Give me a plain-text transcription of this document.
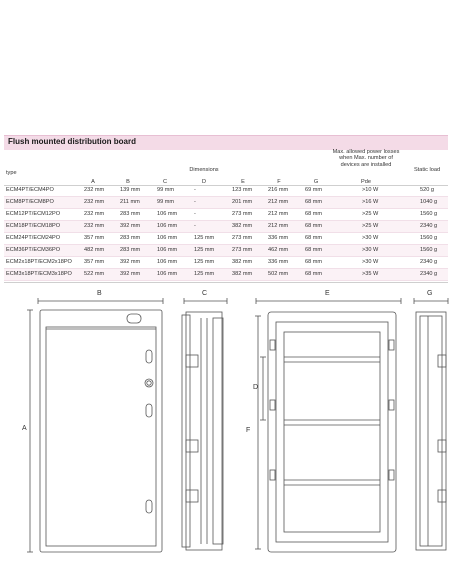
Flush mounted distribution board
type	Dimensions
Max. allowed power losses when Max. number of devices are installed
Pde
Static load
A	B	C	D	E	F	G
ECM4PT/ECM4PO	232 mm	139 mm	99 mm	-	123 mm	216 mm	69 mm	>10 W	520 g
ECM8PT/ECM8PO	232 mm	211 mm	99 mm	-	201 mm	212 mm	68 mm	>16 W	1040 g
ECM12PT/ECM12PO	232 mm	283 mm	106 mm	-	273 mm	212 mm	68 mm	>25 W	1560 g
ECM18PT/ECM18PO	232 mm	392 mm	106 mm	-	382 mm	212 mm	68 mm	>25 W	2340 g
ECM24PT/ECM24PO	357 mm	283 mm	106 mm	125 mm	273 mm	336 mm	68 mm	>30 W	1560 g
ECM36PT/ECM36PO	482 mm	283 mm	106 mm	125 mm	273 mm	462 mm	68 mm	>30 W	1560 g
ECM2x18PT/ECM2x18PO 357 mm	392 mm	106 mm	125 mm	382 mm	336 mm	68 mm	>30 W	2340 g
ECM3x18PT/ECM3x18PO 522 mm	392 mm	106 mm	125 mm	382 mm	502 mm	68 mm	>35 W	2340 g
B
A
C	E
F
D
G
